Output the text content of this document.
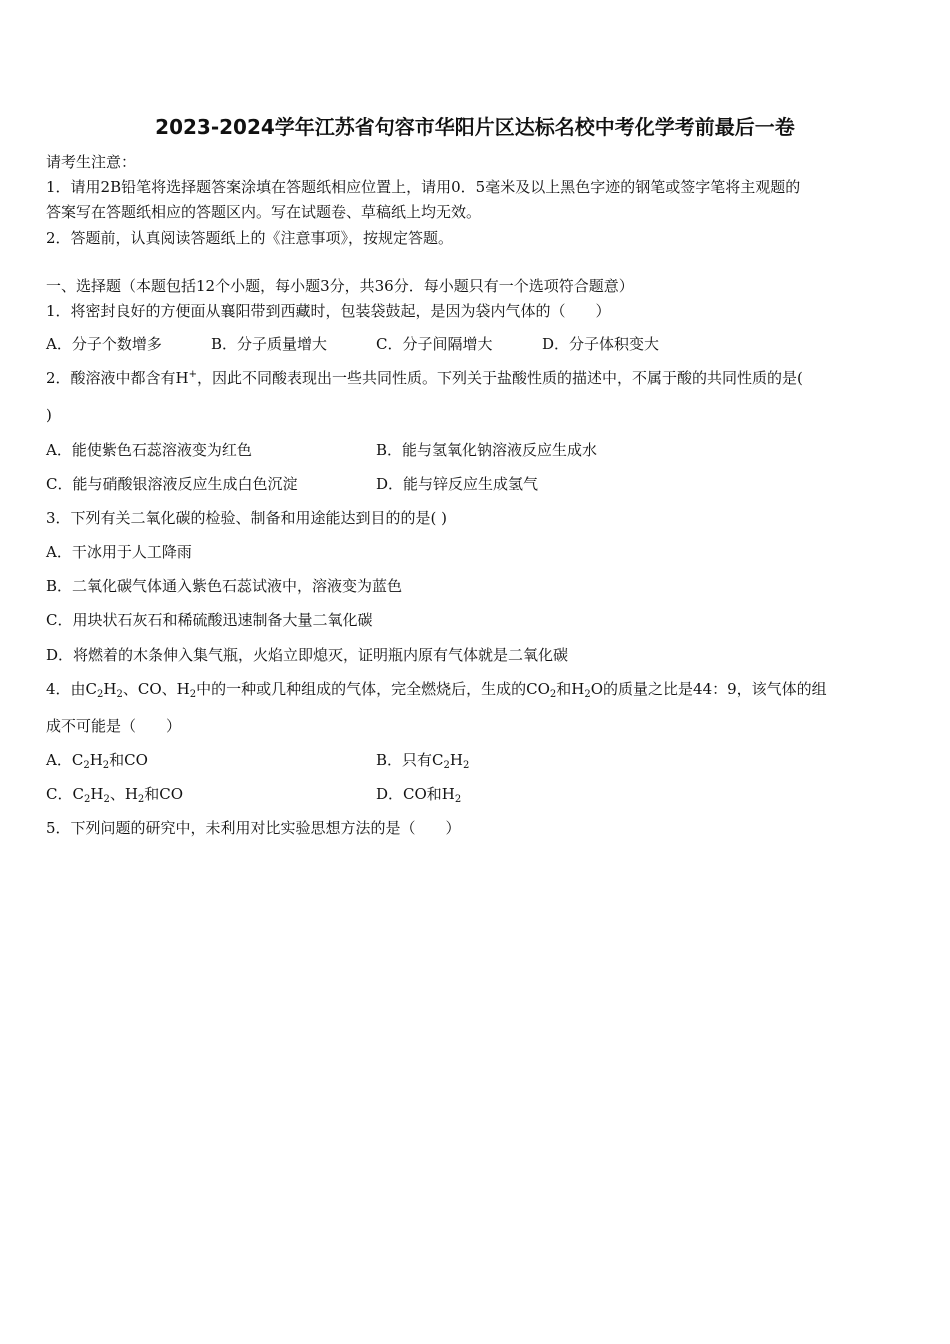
2023-2024学年江苏省句容市华阳片区达标名校中考化学考前最后一卷
请考生注意：
1．请用2B铅笔将选择题答案涂填在答题纸相应位置上，请用0．5毫米及以上黑色字迹的钢笔或签字笔将主观题的
答案写在答题纸相应的答题区内。写在试题卷、草稿纸上均无效。
2．答题前，认真阅读答题纸上的《注意事项》，按规定答题。
一、选择题（本题包括12个小题，每小题3分，共36分．每小题只有一个选项符合题意）
1．将密封良好的方便面从襄阳带到西藏时，包装袋鼓起，是因为袋内气体的（　　）
A．分子个数增多	B．分子质量增大	C．分子间隔增大	D．分子体积变大
2．酸溶液中都含有H+，因此不同酸表现出一些共同性质。下列关于盐酸性质的描述中，不属于酸的共同性质的是(
)
A．能使紫色石蕊溶液变为红色	B．能与氢氧化钠溶液反应生成水
C．能与硝酸银溶液反应生成白色沉淀	D．能与锌反应生成氢气
3．下列有关二氧化碳的检验、制备和用途能达到目的的是( )
A．干冰用于人工降雨
B．二氧化碳气体通入紫色石蕊试液中，溶液变为蓝色
C．用块状石灰石和稀硫酸迅速制备大量二氧化碳
D．将燃着的木条伸入集气瓶，火焰立即熄灭，证明瓶内原有气体就是二氧化碳
4．由$C_2H_2$、CO、$H_2$中的一种或几种组成的气体，完全燃烧后，生成的$CO_2$和$H_2O$的质量之比是44：9，该气体的组
成不可能是（　　）
A．$C_2H_2$和CO	B．只有$C_2H_2$
C．$C_2H_2$、$H_2$和CO	D．CO和$H_2$
5．下列问题的研究中，未利用对比实验思想方法的是（　　）
